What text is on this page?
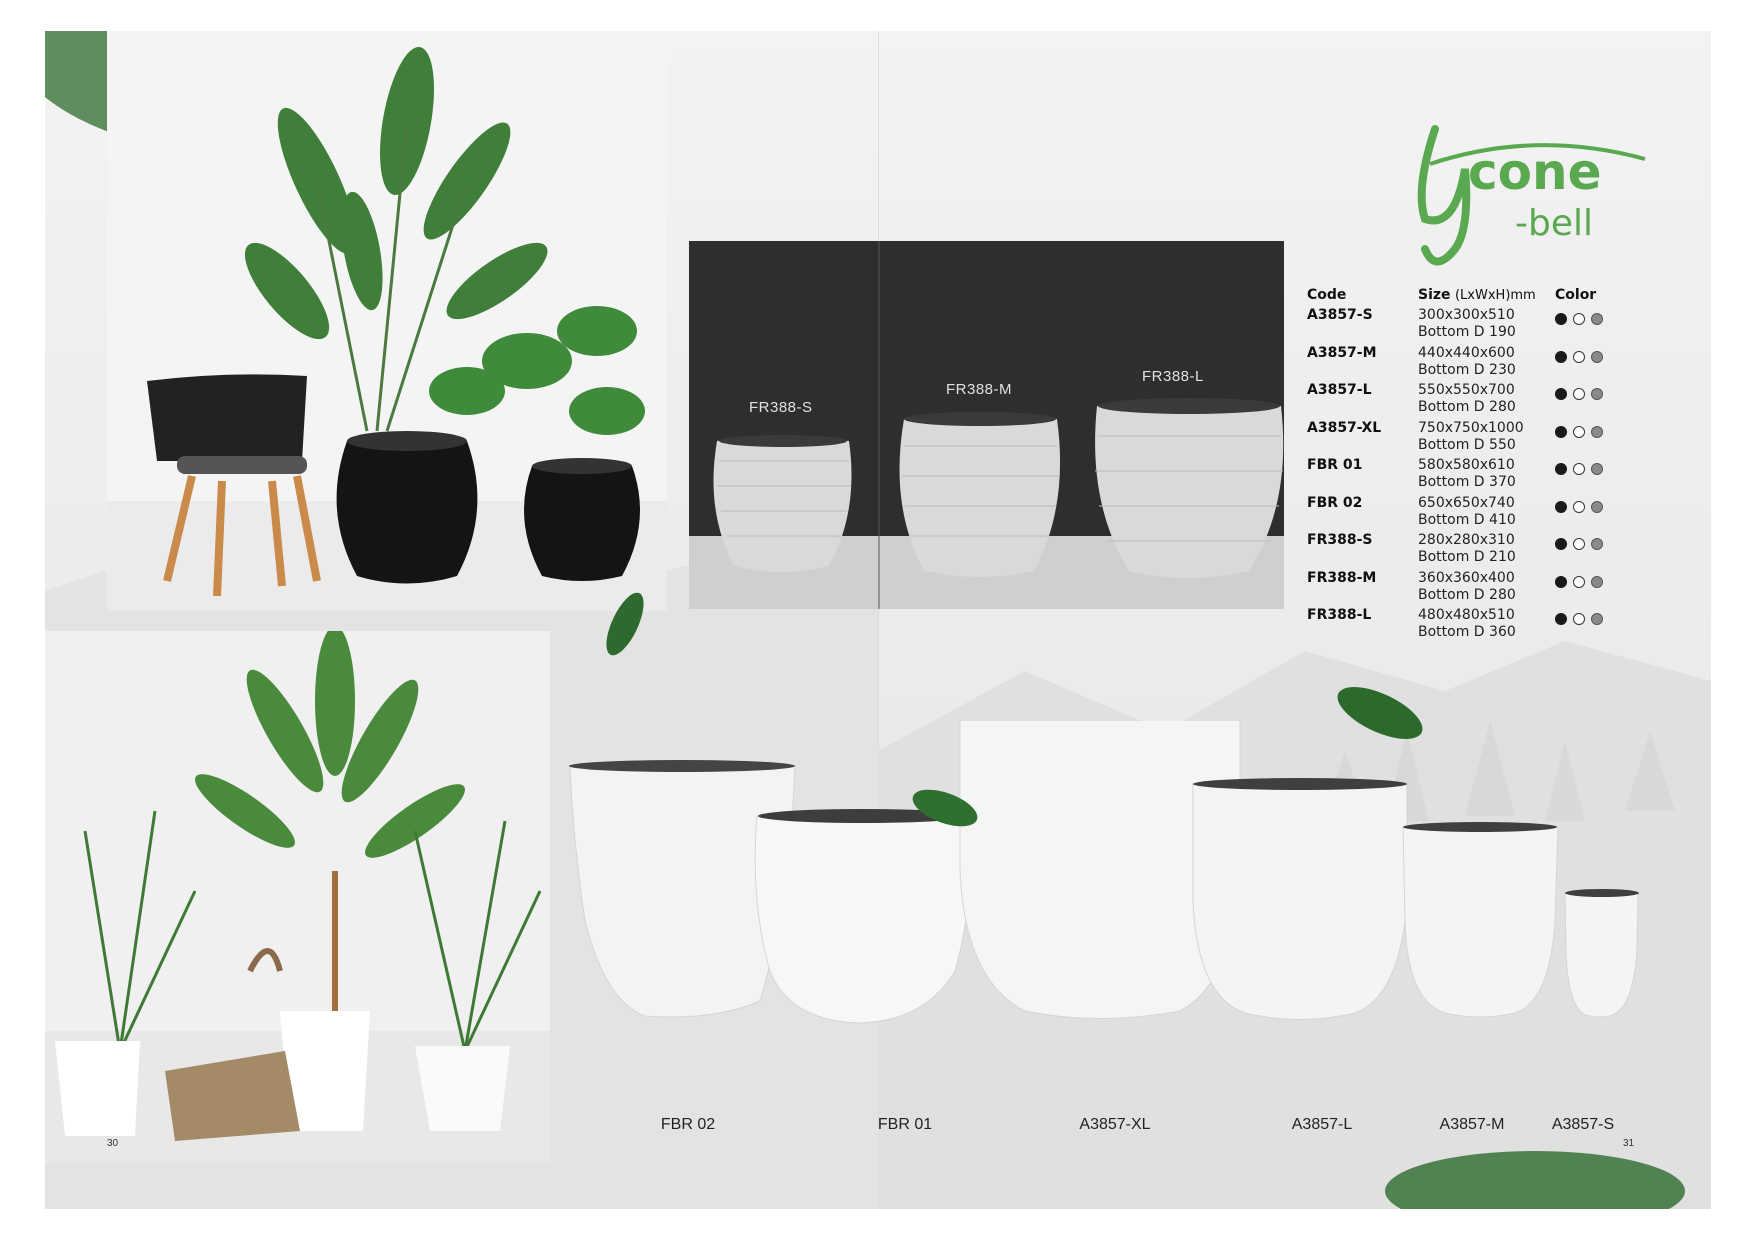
FR388-S
FR388-M
FR388-L
cone
-bell
Code	Size (LxWxH)mm Color
A3857-S	300x300x510
Bottom D 190
A3857-M	440x440x600
Bottom D 230
A3857-L	550x550x700
Bottom D 280
A3857-XL	750x750x1000
Bottom D 550
FBR 01	580x580x610
Bottom D 370
FBR 02	650x650x740
Bottom D 410
FR388-S	280x280x310
Bottom D 210
FR388-M	360x360x400
Bottom D 280
FR388-L	480x480x510
Bottom D 360
FBR 02	FBR 01	A3857-XL	A3857-L	A3857-M	A3857-S
30	31
